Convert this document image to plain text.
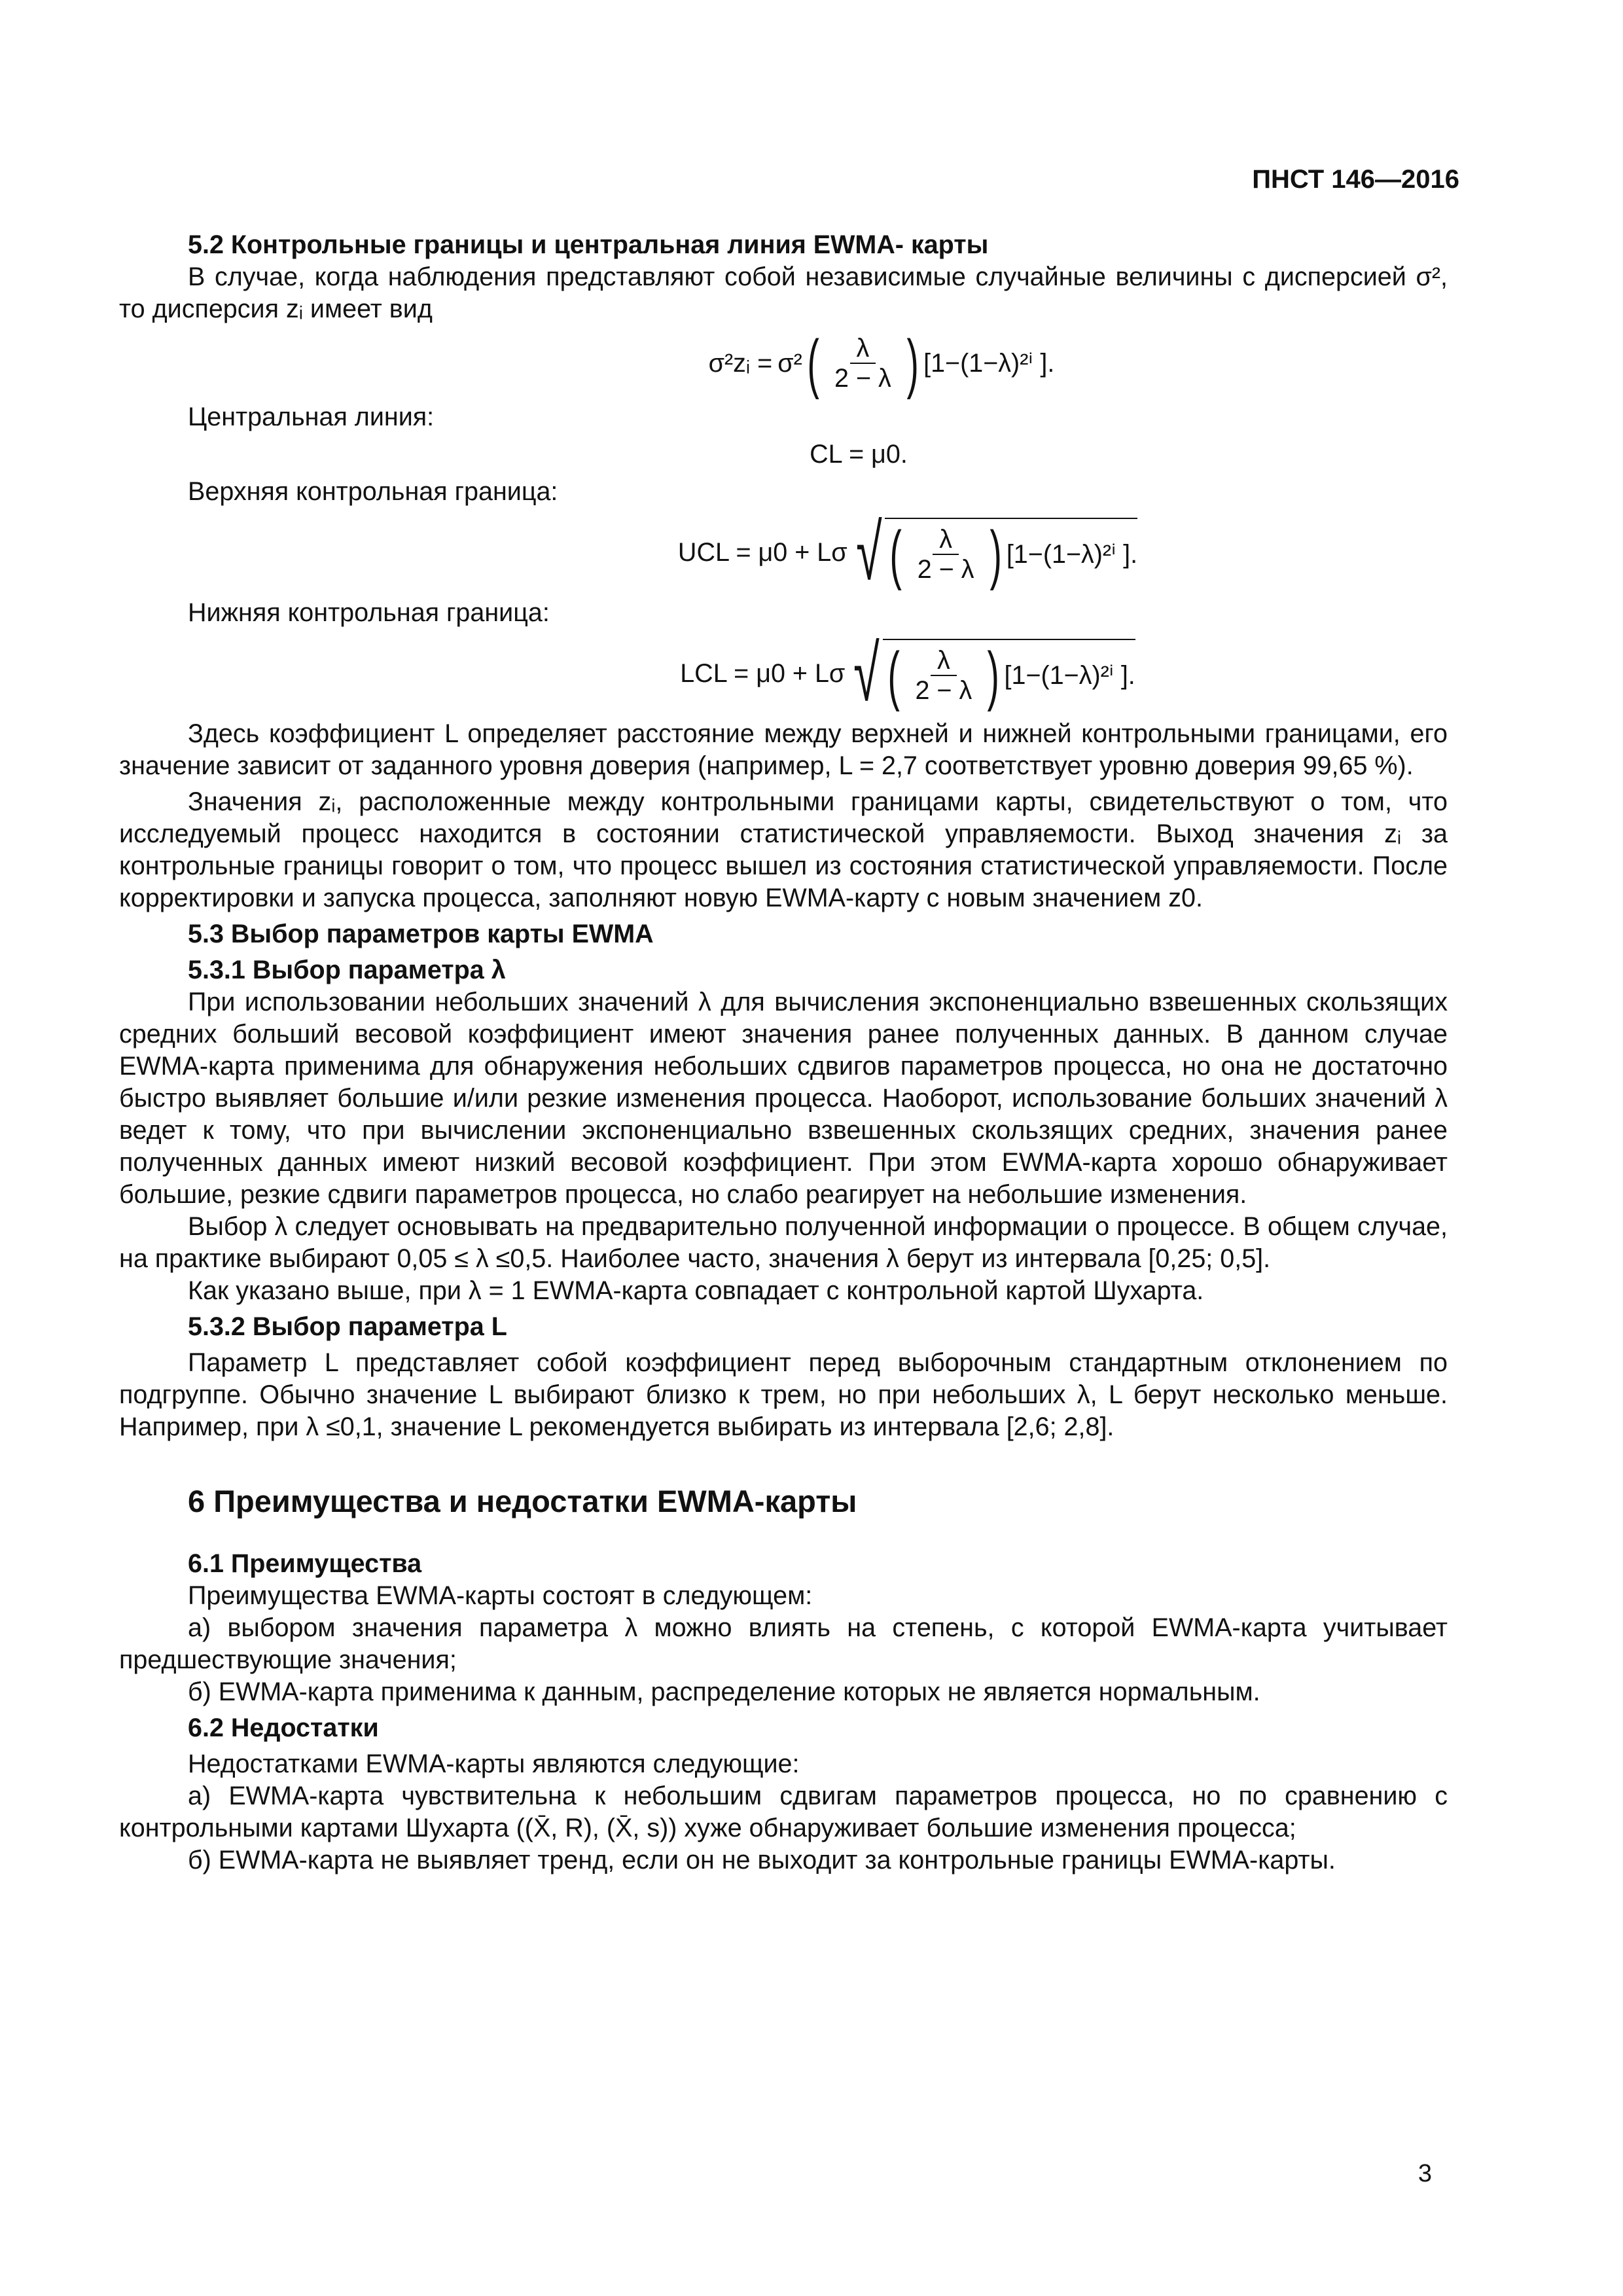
ПНСТ 146—2016
5.2 Контрольные границы и центральная линия EWMA- карты
В случае, когда наблюдения представляют собой независимые случайные величины с дисперсией σ², то дисперсия zᵢ имеет вид
σ²zᵢ = σ² ( $\frac{\lambda}{2 - \lambda}$ ) [1−(1−λ)²ⁱ ].
Центральная линия:
CL = μ0.
Верхняя контрольная граница:
UCL = μ0 + Lσ √ ( $\frac{\lambda}{2 - \lambda}$ ) [1−(1−λ)²ⁱ ].
Нижняя контрольная граница:
LCL = μ0 + Lσ √ ( $\frac{\lambda}{2 - \lambda}$ ) [1−(1−λ)²ⁱ ].
Здесь коэффициент L определяет расстояние между верхней и нижней контрольными границами, его значение зависит от заданного уровня доверия (например, L = 2,7 соответствует уровню доверия 99,65 %).
Значения zᵢ, расположенные между контрольными границами карты, свидетельствуют о том, что исследуемый процесс находится в состоянии статистической управляемости. Выход значения zᵢ за контрольные границы говорит о том, что процесс вышел из состояния статистической управляемости. После корректировки и запуска процесса, заполняют новую EWMA-карту с новым значением z0.
5.3 Выбор параметров карты EWMA
5.3.1 Выбор параметра λ
При использовании небольших значений λ для вычисления экспоненциально взвешенных скользящих средних больший весовой коэффициент имеют значения ранее полученных данных. В данном случае EWMA-карта применима для обнаружения небольших сдвигов параметров процесса, но она не достаточно быстро выявляет большие и/или резкие изменения процесса. Наоборот, использование больших значений λ ведет к тому, что при вычислении экспоненциально взвешенных скользящих средних, значения ранее полученных данных имеют низкий весовой коэффициент. При этом EWMA-карта хорошо обнаруживает большие, резкие сдвиги параметров процесса, но слабо реагирует на небольшие изменения.
Выбор λ следует основывать на предварительно полученной информации о процессе. В общем случае, на практике выбирают 0,05 ≤ λ ≤0,5. Наиболее часто, значения λ берут из интервала [0,25; 0,5].
Как указано выше, при λ = 1 EWMA-карта совпадает с контрольной картой Шухарта.
5.3.2 Выбор параметра L
Параметр L представляет собой коэффициент перед выборочным стандартным отклонением по подгруппе. Обычно значение L выбирают близко к трем, но при небольших λ, L берут несколько меньше. Например, при λ ≤0,1, значение L рекомендуется выбирать из интервала [2,6; 2,8].
6 Преимущества и недостатки EWMA-карты
6.1 Преимущества
Преимущества EWMA-карты состоят в следующем:
а) выбором значения параметра λ можно влиять на степень, с которой EWMA-карта учитывает предшествующие значения;
б) EWMA-карта применима к данным, распределение которых не является нормальным.
6.2 Недостатки
Недостатками EWMA-карты являются следующие:
а) EWMA-карта чувствительна к небольшим сдвигам параметров процесса, но по сравнению с контрольными картами Шухарта ((X̄, R), (X̄, s)) хуже обнаруживает большие изменения процесса;
б) EWMA-карта не выявляет тренд, если он не выходит за контрольные границы EWMA-карты.
3
